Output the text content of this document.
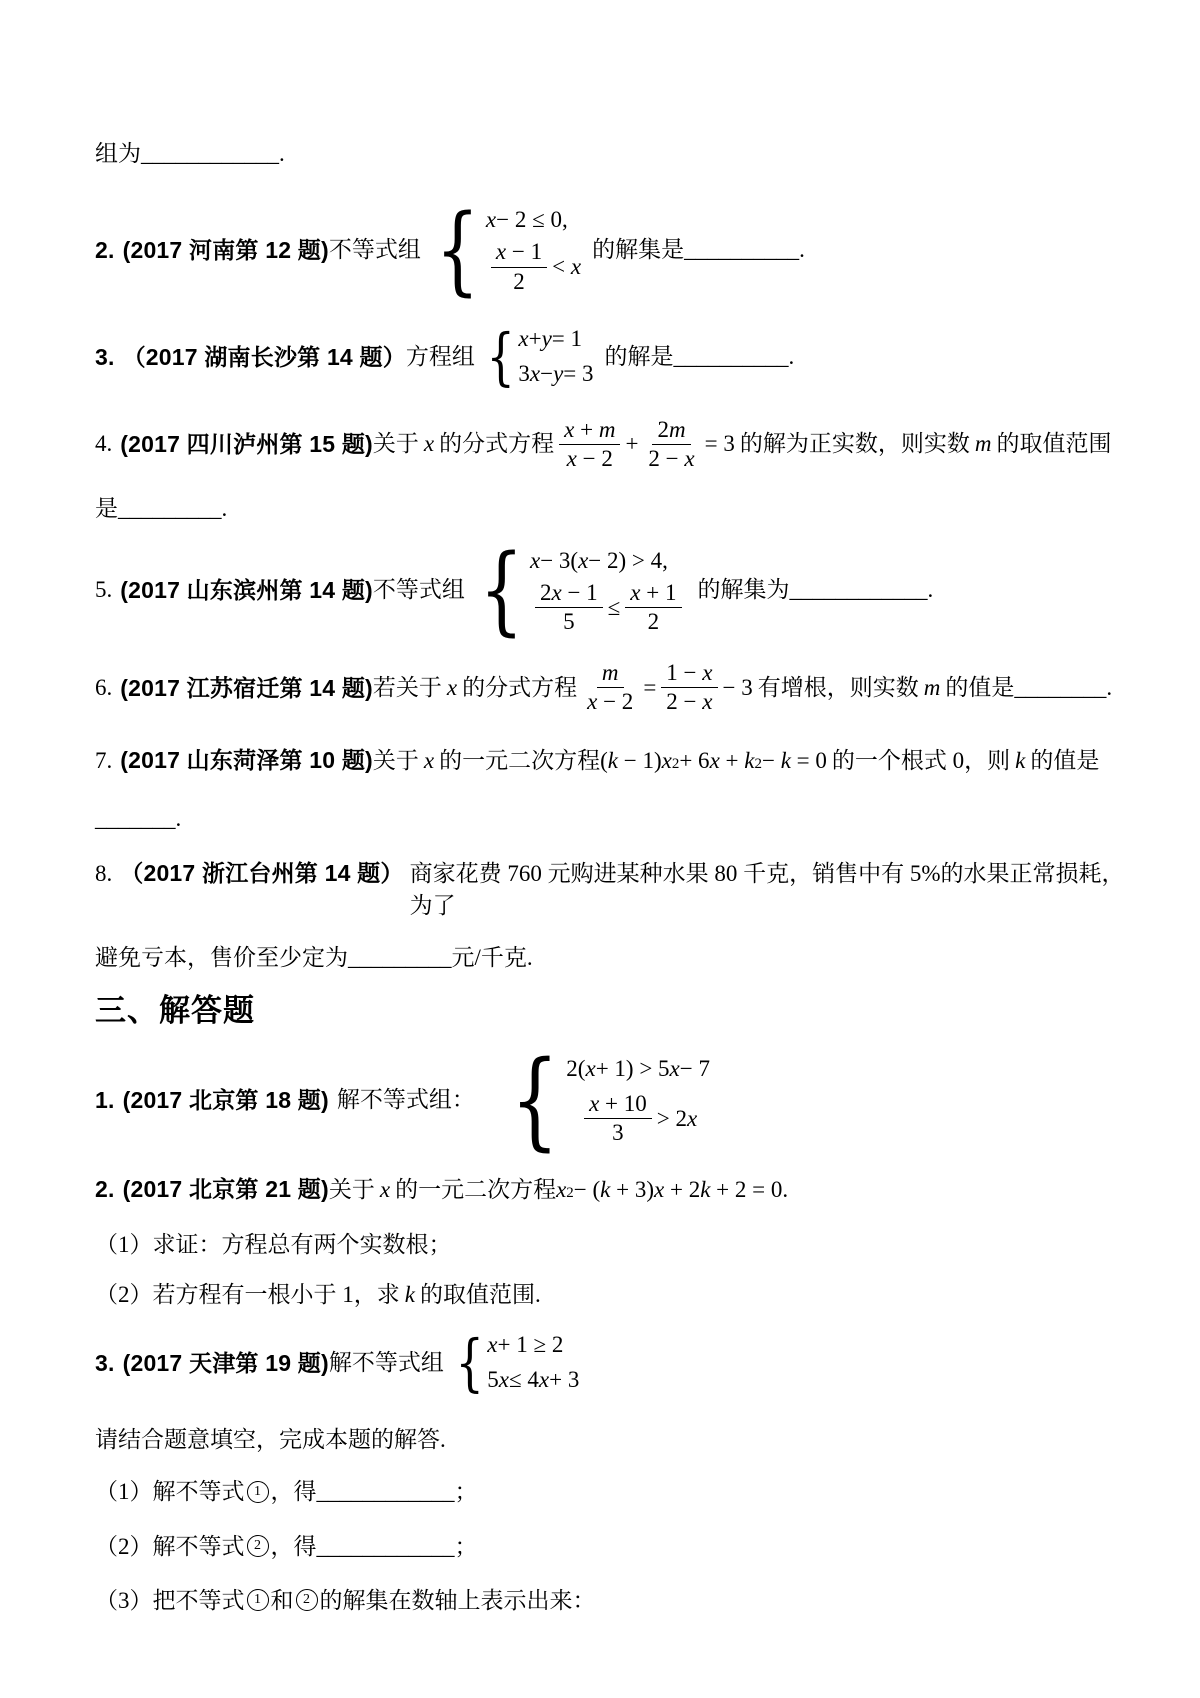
组为 ____________ .
2. (2017 河南第 12 题) 不等式组
{
x − 2 ≤ 0,
$\frac{x - 1}{2} < x$
的解集是 __________ .
3. （2017 湖南长沙第 14 题） 方程组
{
x + y = 1
3 x − y = 3
的解是 __________ .
4. (2017 四川泸州第 15 题) 关于 x 的分式方程 $\frac{x + m}{x - 2} + \frac{2m}{2 - x} = 3$ 的解为正实数，则实数 m 的取值范围
是 _________ .
5. (2017 山东滨州第 14 题) 不等式组
{
x − 3( x − 2) > 4,
$\frac{2x - 1}{5} \le \frac{x + 1}{2}$ 的解集为 ____________ .
6. (2017 江苏宿迁第 14 题) 若关于 x 的分式方程 $\frac{m}{x - 2} = \frac{1 - x}{2 - x} - 3$ 有增根，则实数 m 的值是 ________ .
7. (2017 山东菏泽第 10 题) 关于 x 的一元二次方程 (k − 1)x 2 + 6x + k 2 − k = 0 的一个根式 0，则 k 的值是
_______ .
8. （2017 浙江台州第 14 题） 商家花费 760 元购进某种水果 80 千克，销售中有 5%的水果正常损耗，为了
避免亏本，售价至少定为 _________ 元/千克.
三、解答题
1. (2017 北京第 18 题) 解不等式组：
{
2( x + 1) > 5 x − 7
$\frac{x + 10}{3} > 2x$
2. (2017 北京第 21 题) 关于 x 的一元二次方程 x 2 − (k + 3)x + 2k + 2 = 0 .
（1）求证：方程总有两个实数根；
（2）若方程有一根小于 1，求 k 的取值范围.
3. (2017 天津第 19 题) 解不等式组
{
x + 1 ≥ 2
5 x ≤ 4 x + 3
请结合题意填空，完成本题的解答.
（1）解不等式 1 ，得 ____________ ；
（2）解不等式 2 ，得 ____________ ；
（3）把不等式 1 和 2 的解集在数轴上表示出来：
